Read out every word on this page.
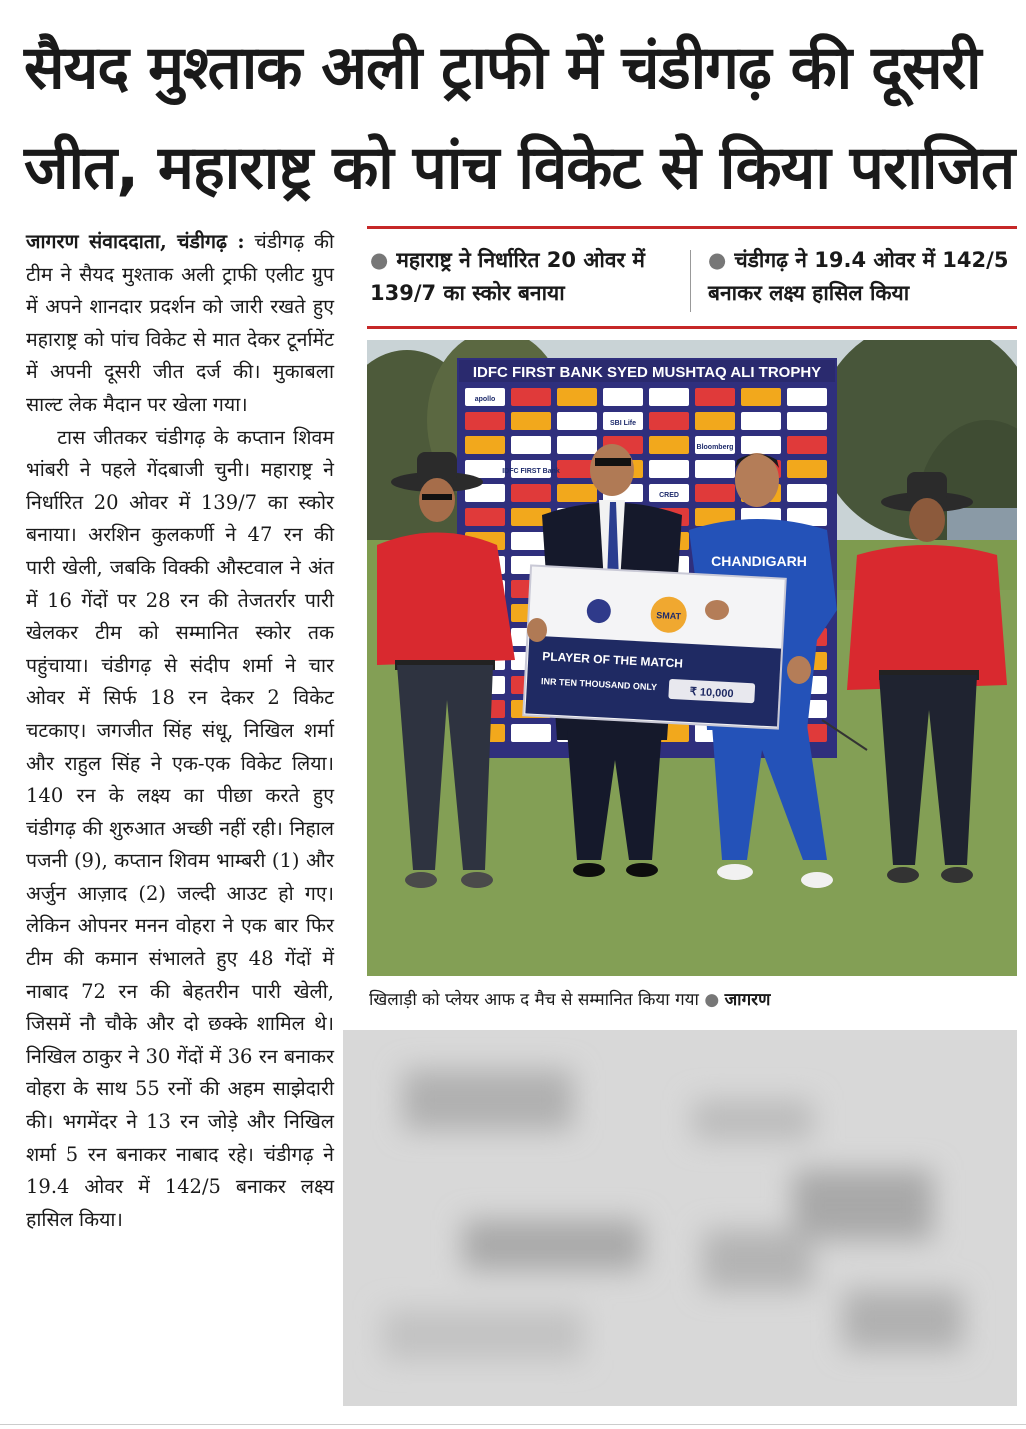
सैयद मुश्ताक अली ट्राफी में चंडीगढ़ की दूसरी
जीत, महाराष्ट्र को पांच विकेट से किया पराजित

जागरण संवाददाता, चंडीगढ़ : चंडीगढ़ की टीम ने सैयद मुश्ताक अली ट्राफी एलीट ग्रुप में अपने शानदार प्रदर्शन को जारी रखते हुए महाराष्ट्र को पांच विकेट से मात देकर टूर्नामेंट में अपनी दूसरी जीत दर्ज की। मुकाबला साल्ट लेक मैदान पर खेला गया।

टास जीतकर चंडीगढ़ के कप्तान शिवम भांबरी ने पहले गेंदबाजी चुनी। महाराष्ट्र ने निर्धारित 20 ओवर में 139/7 का स्कोर बनाया। अरशिन कुलकर्णी ने 47 रन की पारी खेली, जबकि विक्की औस्टवाल ने अंत में 16 गेंदों पर 28 रन की तेजतर्रार पारी खेलकर टीम को सम्मानित स्कोर तक पहुंचाया। चंडीगढ़ से संदीप शर्मा ने चार ओवर में सिर्फ 18 रन देकर 2 विकेट चटकाए। जगजीत सिंह संधू, निखिल शर्मा और राहुल सिंह ने एक-एक विकेट लिया। 140 रन के लक्ष्य का पीछा करते हुए चंडीगढ़ की शुरुआत अच्छी नहीं रही। निहाल पजनी (9), कप्तान शिवम भाम्बरी (1) और अर्जुन आज़ाद (2) जल्दी आउट हो गए। लेकिन ओपनर मनन वोहरा ने एक बार फिर टीम की कमान संभालते हुए 48 गेंदों में नाबाद 72 रन की बेहतरीन पारी खेली, जिसमें नौ चौके और दो छक्के शामिल थे। निखिल ठाकुर ने 30 गेंदों में 36 रन बनाकर वोहरा के साथ 55 रनों की अहम साझेदारी की। भगमेंदर ने 13 रन जोड़े और निखिल शर्मा 5 रन बनाकर नाबाद रहे। चंडीगढ़ ने 19.4 ओवर में 142/5 बनाकर लक्ष्य हासिल किया।

● महाराष्ट्र ने निर्धारित 20 ओवर में 139/7 का स्कोर बनाया
● चंडीगढ़ ने 19.4 ओवर में 142/5 बनाकर लक्ष्य हासिल किया
IDFC FIRST BANK SYED MUSHTAQ ALI TROPHY
apollo
SBI Life
Bloomberg
IDFC FIRST Bank
CRED
CHANDIGARH
SMAT
PLAYER OF THE MATCH
INR TEN THOUSAND ONLY
₹ 10,000
खिलाड़ी को प्लेयर आफ द मैच से सम्मानित किया गया ● जागरण
